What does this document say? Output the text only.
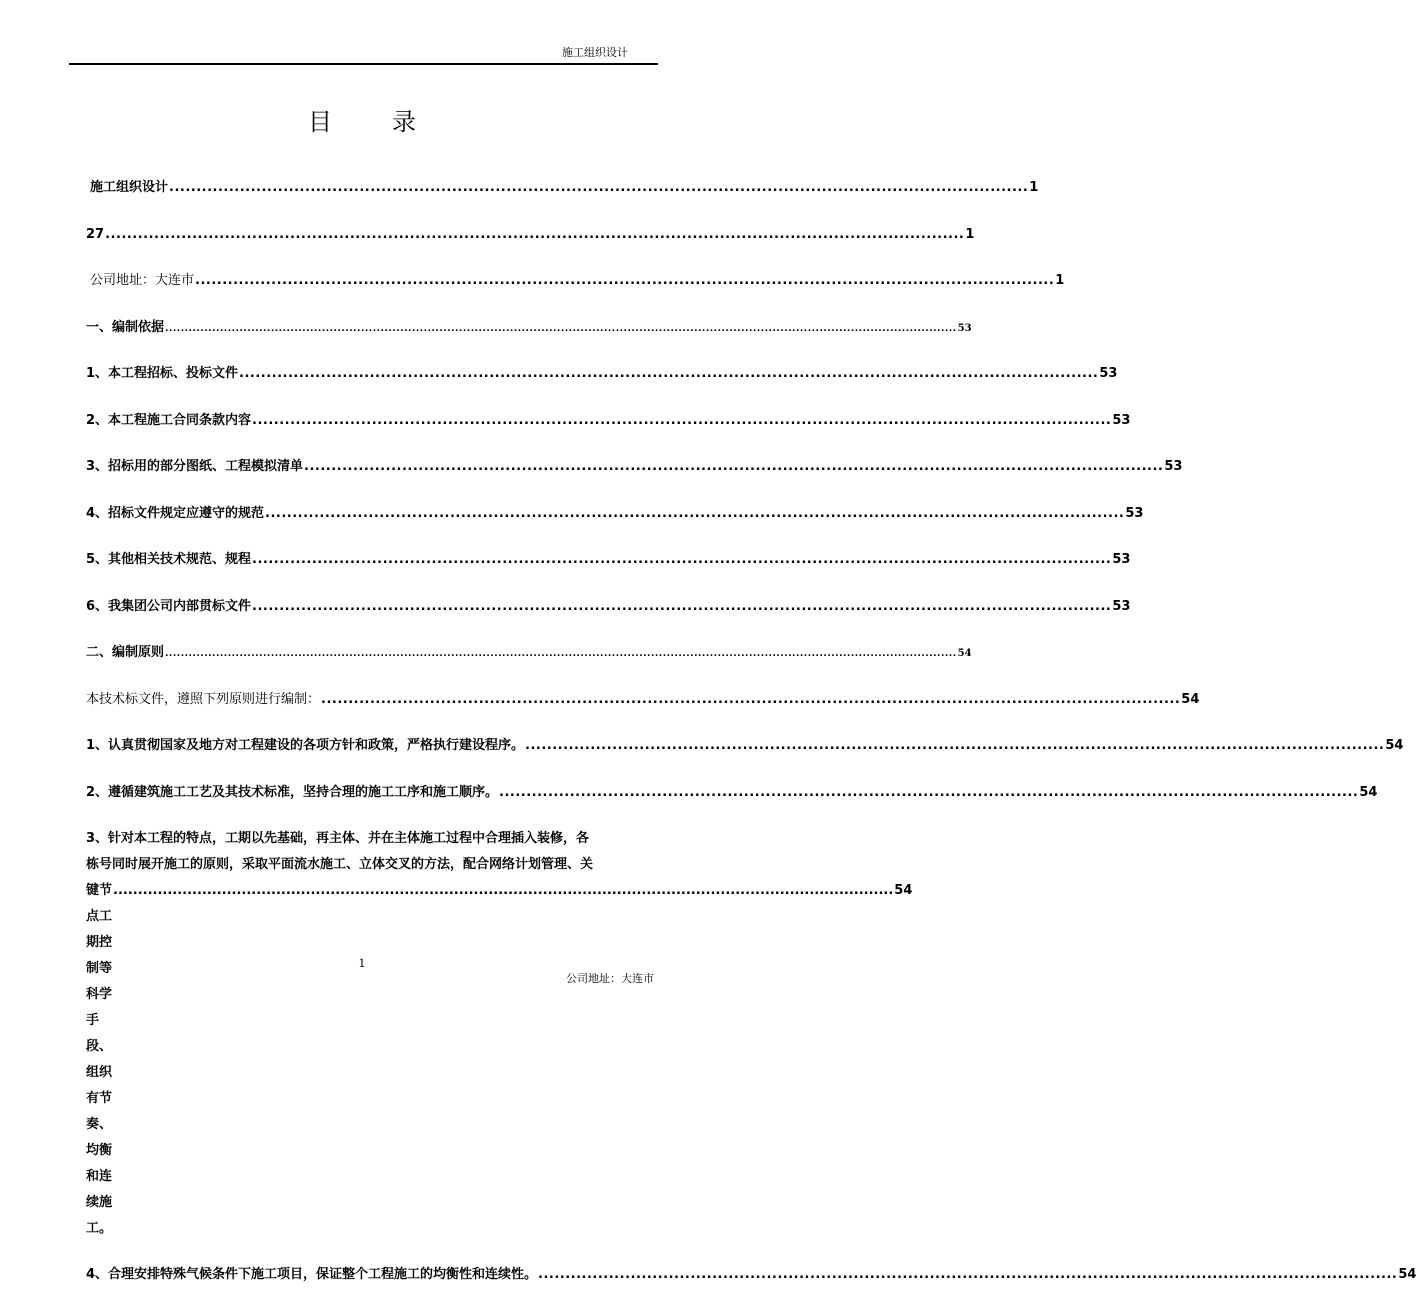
施工组织设计
目录
施工组织设计 .............................................................................................................................................................. 1
27 .............................................................................................................................................................. 1
公司地址：大连市 .............................................................................................................................................................. 1
一、编制依据 .......................................................................................................................................................................................................... 53
1、本工程招标、投标文件 .............................................................................................................................................................. 53
2、本工程施工合同条款内容 .............................................................................................................................................................. 53
3、招标用的部分图纸、工程模拟清单 .............................................................................................................................................................. 53
4、招标文件规定应遵守的规范 .............................................................................................................................................................. 53
5、其他相关技术规范、规程 .............................................................................................................................................................. 53
6、我集团公司内部贯标文件 .............................................................................................................................................................. 53
二、编制原则 .......................................................................................................................................................................................................... 54
本技术标文件，遵照下列原则进行编制： .............................................................................................................................................................. 54
1、认真贯彻国家及地方对工程建设的各项方针和政策，严格执行建设程序。 .............................................................................................................................................................. 54
2、遵循建筑施工工艺及其技术标准，坚持合理的施工工序和施工顺序。 .............................................................................................................................................................. 54
3、针对本工程的特点，工期以先基础，再主体、并在主体施工过程中合理插入装修，各
栋号同时展开施工的原则，采取平面流水施工、立体交叉的方法，配合网络计划管理、关
键节点工期控制等科学手段、组织有节奏、均衡和连续施工。
.............................................................................................................................................................. 54
4、合理安排特殊气候条件下施工项目，保证整个工程施工的均衡性和连续性。 .............................................................................................................................................................. 54
1
公司地址：大连市
